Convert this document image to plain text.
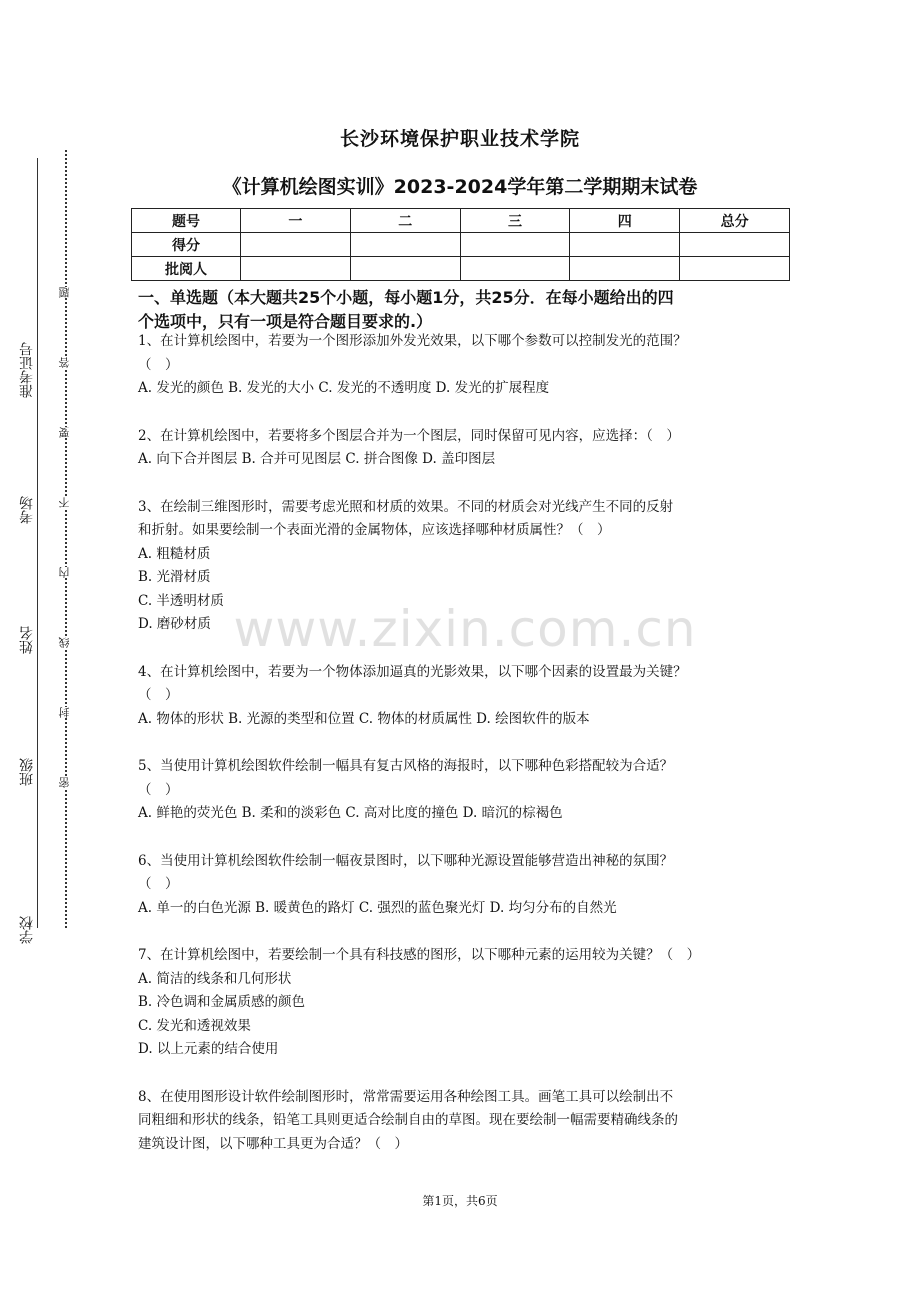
准考证号
考场
姓名
班级
学校
题
答
要
不
内
线
封
密
长沙环境保护职业技术学院
《计算机绘图实训》2023-2024学年第二学期期末试卷
题号	一	二	三	四	总分
得分					
批阅人					
一、单选题（本大题共25个小题，每小题1分，共25分．在每小题给出的四
个选项中，只有一项是符合题目要求的.）

1、在计算机绘图中，若要为一个图形添加外发光效果，以下哪个参数可以控制发光的范围？

（　）

A. 发光的颜色 B. 发光的大小 C. 发光的不透明度 D. 发光的扩展程度

2、在计算机绘图中，若要将多个图层合并为一个图层，同时保留可见内容，应选择：（　）

A. 向下合并图层 B. 合并可见图层 C. 拼合图像 D. 盖印图层

3、在绘制三维图形时，需要考虑光照和材质的效果。不同的材质会对光线产生不同的反射

和折射。如果要绘制一个表面光滑的金属物体，应该选择哪种材质属性？（　）

A. 粗糙材质

B. 光滑材质

C. 半透明材质

D. 磨砂材质

4、在计算机绘图中，若要为一个物体添加逼真的光影效果，以下哪个因素的设置最为关键？

（　）

A. 物体的形状 B. 光源的类型和位置 C. 物体的材质属性 D. 绘图软件的版本

5、当使用计算机绘图软件绘制一幅具有复古风格的海报时，以下哪种色彩搭配较为合适？

（　）

A. 鲜艳的荧光色 B. 柔和的淡彩色 C. 高对比度的撞色 D. 暗沉的棕褐色

6、当使用计算机绘图软件绘制一幅夜景图时，以下哪种光源设置能够营造出神秘的氛围？

（　）

A. 单一的白色光源 B. 暖黄色的路灯 C. 强烈的蓝色聚光灯 D. 均匀分布的自然光

7、在计算机绘图中，若要绘制一个具有科技感的图形，以下哪种元素的运用较为关键？（　）

A. 简洁的线条和几何形状

B. 冷色调和金属质感的颜色

C. 发光和透视效果

D. 以上元素的结合使用

8、在使用图形设计软件绘制图形时，常常需要运用各种绘图工具。画笔工具可以绘制出不

同粗细和形状的线条，铅笔工具则更适合绘制自由的草图。现在要绘制一幅需要精确线条的

建筑设计图，以下哪种工具更为合适？（　）

www.zixin.com.cn
第1页，共6页
